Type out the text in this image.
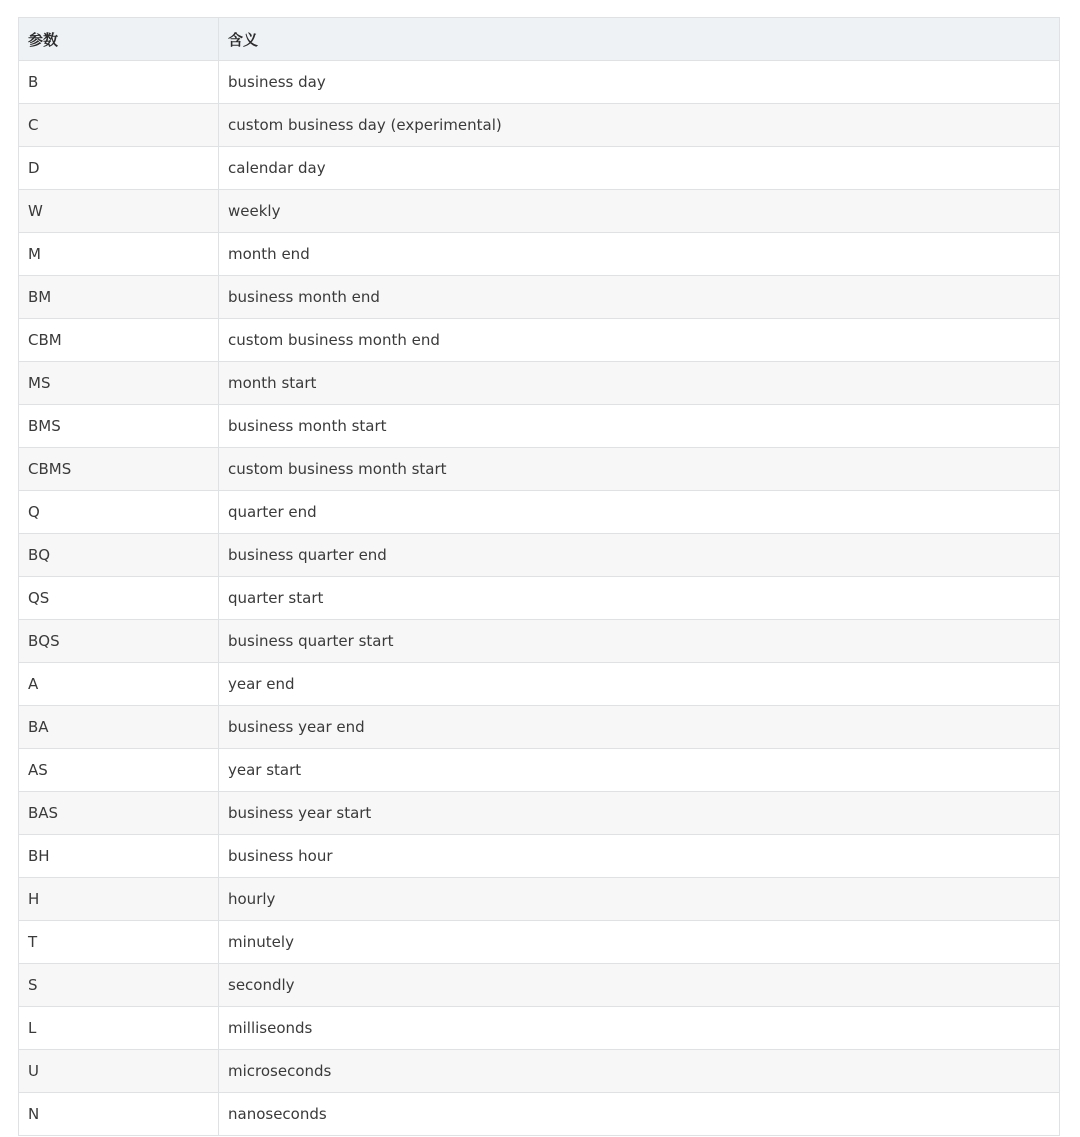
参数	含义
B	business day
C	custom business day (experimental)
D	calendar day
W	weekly
M	month end
BM	business month end
CBM	custom business month end
MS	month start
BMS	business month start
CBMS	custom business month start
Q	quarter end
BQ	business quarter end
QS	quarter start
BQS	business quarter start
A	year end
BA	business year end
AS	year start
BAS	business year start
BH	business hour
H	hourly
T	minutely
S	secondly
L	milliseonds
U	microseconds
N	nanoseconds
